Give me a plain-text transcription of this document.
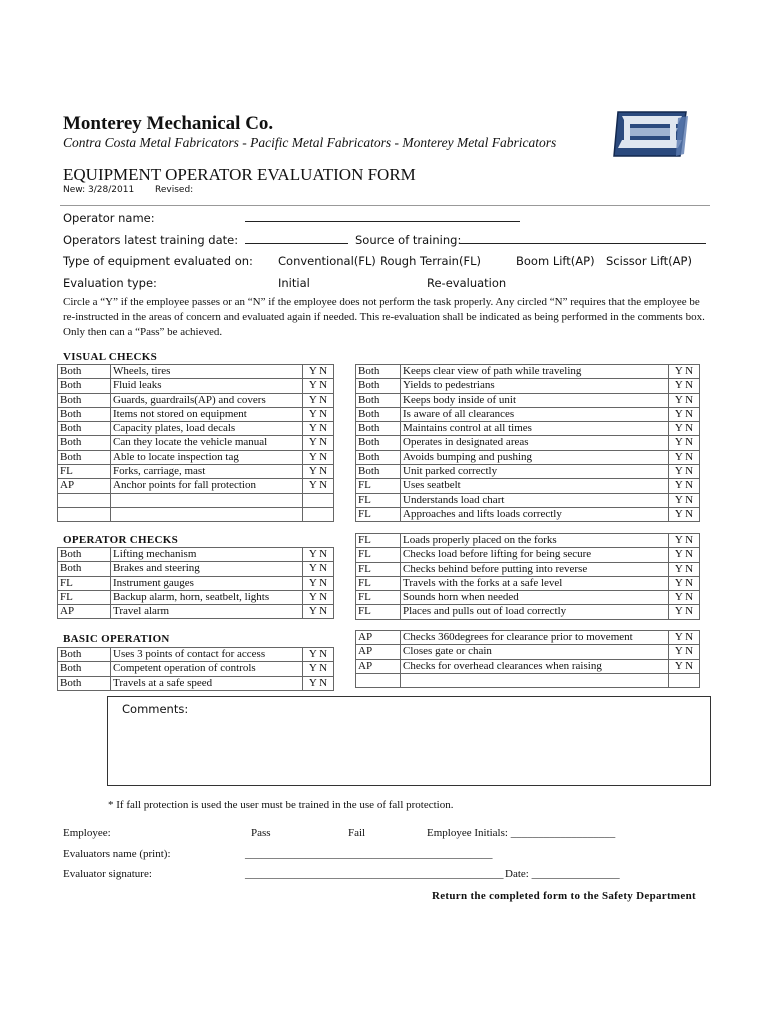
Monterey Mechanical Co.
Contra Costa Metal Fabricators - Pacific Metal Fabricators - Monterey Metal Fabricators
EQUIPMENT OPERATOR EVALUATION FORM
New: 3/28/2011 Revised:
Operator name:
Operators latest training date:	Source of training:
Type of equipment evaluated on: Conventional(FL) Rough Terrain(FL)	Boom Lift(AP) Scissor Lift(AP)
Evaluation type:	Initial	Re-evaluation
Circle a “Y” if the employee passes or an “N” if the employee does not perform the task properly. Any circled “N” requires that the employee be re-instructed in the areas of concern and evaluated again if needed. This re-evaluation shall be indicated as being performed in the comments box. Only then can a “Pass” be achieved.
VISUAL CHECKS
Both	Wheels, tires	Y N
Both	Fluid leaks	Y N
Both	Guards, guardrails(AP) and covers	Y N
Both	Items not stored on equipment	Y N
Both	Capacity plates, load decals	Y N
Both	Can they locate the vehicle manual	Y N
Both	Able to locate inspection tag	Y N
FL	Forks, carriage, mast	Y N
AP	Anchor points for fall protection	Y N

Both	Keeps clear view of path while traveling	Y N
Both	Yields to pedestrians	Y N
Both	Keeps body inside of unit	Y N
Both	Is aware of all clearances	Y N
Both	Maintains control at all times	Y N
Both	Operates in designated areas	Y N
Both	Avoids bumping and pushing	Y N
Both	Unit parked correctly	Y N
FL	Uses seatbelt	Y N
FL	Understands load chart	Y N
FL	Approaches and lifts loads correctly	Y N
OPERATOR CHECKS
Both	Lifting mechanism	Y N
Both	Brakes and steering	Y N
FL	Instrument gauges	Y N
FL	Backup alarm, horn, seatbelt, lights	Y N
AP	Travel alarm	Y N
FL	Loads properly placed on the forks	Y N
FL	Checks load before lifting for being secure	Y N
FL	Checks behind before putting into reverse	Y N
FL	Travels with the forks at a safe level	Y N
FL	Sounds horn when needed	Y N
FL	Places and pulls out of load correctly	Y N
BASIC OPERATION
Both	Uses 3 points of contact for access	Y N
Both	Competent operation of controls	Y N
Both	Travels at a safe speed	Y N
AP	Checks 360degrees for clearance prior to movement	Y N
AP	Closes gate or chain	Y N
AP	Checks for overhead clearances when raising	Y N

Comments:
* If fall protection is used the user must be trained in the use of fall protection.
Employee:	Pass	Fail	Employee Initials: ___________________
Evaluators name (print):	_____________________________________________
Evaluator signature:	_______________________________________________ Date: ________________
Return the completed form to the Safety Department
